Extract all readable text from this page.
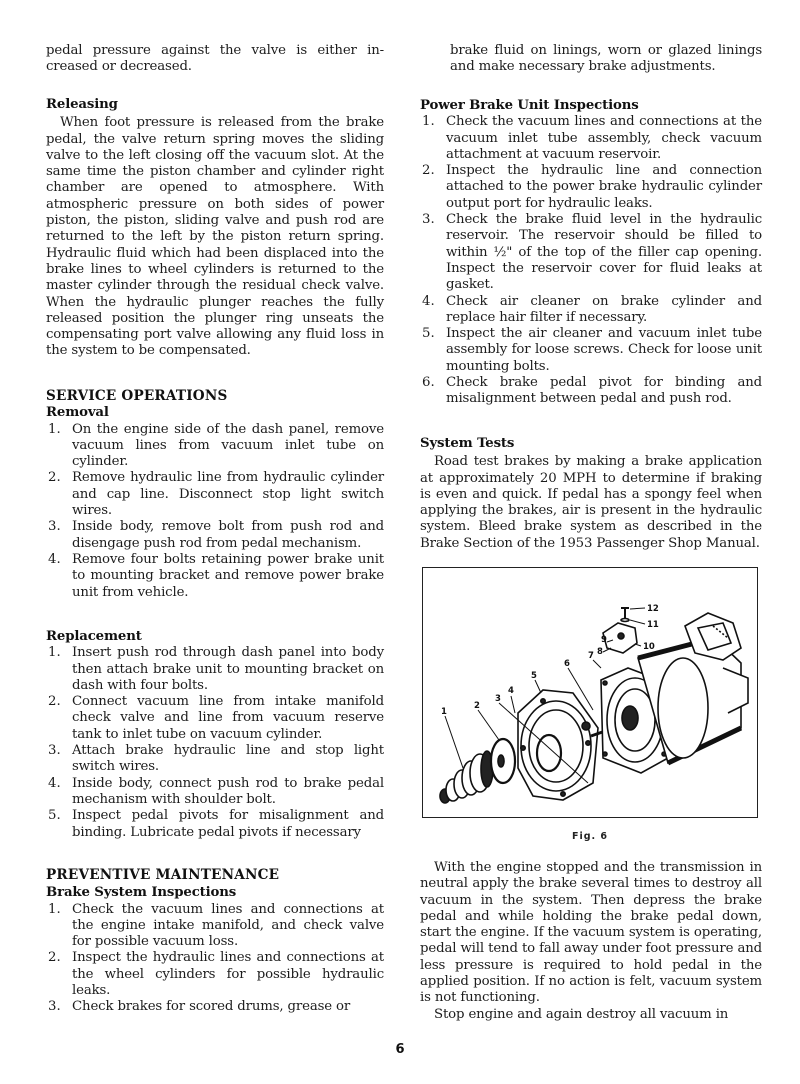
pedal pressure against the valve is either in-creased or decreased.

Releasing

When foot pressure is released from the brake pedal, the valve return spring moves the sliding valve to the left closing off the vacuum slot. At the same time the piston chamber and cylinder right chamber are opened to atmosphere. With atmospheric pressure on both sides of power piston, the piston, sliding valve and push rod are returned to the left by the piston return spring. Hydraulic fluid which had been displaced into the brake lines to wheel cylinders is returned to the master cylinder through the residual check valve. When the hydraulic plunger reaches the fully released position the plunger ring unseats the compensating port valve allowing any fluid loss in the system to be compensated.

SERVICE OPERATIONS

Removal

1. On the engine side of the dash panel, remove vacuum lines from vacuum inlet tube on cylinder.
2. Remove hydraulic line from hydraulic cylinder and cap line. Disconnect stop light switch wires.
3. Inside body, remove bolt from push rod and disengage push rod from pedal mechanism.
4. Remove four bolts retaining power brake unit to mounting bracket and remove power brake unit from vehicle.

Replacement

1. Insert push rod through dash panel into body then attach brake unit to mounting bracket on dash with four bolts.
2. Connect vacuum line from intake manifold check valve and line from vacuum reserve tank to inlet tube on vacuum cylinder.
3. Attach brake hydraulic line and stop light switch wires.
4. Inside body, connect push rod to brake pedal mechanism with shoulder bolt.
5. Inspect pedal pivots for misalignment and binding. Lubricate pedal pivots if necessary

PREVENTIVE MAINTENANCE

Brake System Inspections

1. Check the vacuum lines and connections at the engine intake manifold, and check valve for possible vacuum loss.
2. Inspect the hydraulic lines and connections at the wheel cylinders for possible hydraulic leaks.
3. Check brakes for scored drums, grease or

brake fluid on linings, worn or glazed linings and make necessary brake adjustments.

Power Brake Unit Inspections

1. Check the vacuum lines and connections at the vacuum inlet tube assembly, check vacuum attachment at vacuum reservoir.
2. Inspect the hydraulic line and connection attached to the power brake hydraulic cylinder output port for hydraulic leaks.
3. Check the brake fluid level in the hydraulic reservoir. The reservoir should be filled to within ½" of the top of the filler cap opening. Inspect the reservoir cover for fluid leaks at gasket.
4. Check air cleaner on brake cylinder and replace hair filter if necessary.
5. Inspect the air cleaner and vacuum inlet tube assembly for loose screws. Check for loose unit mounting bolts.
6. Check brake pedal pivot for binding and misalignment between pedal and push rod.

System Tests

Road test brakes by making a brake application at approximately 20 MPH to determine if braking is even and quick. If pedal has a spongy feel when applying the brakes, air is present in the hydraulic system. Bleed brake system as described in the Brake Section of the 1953 Passenger Shop Manual.

1
2
3
4
5
6
7 8
9
10
11
12
Fig. 6

With the engine stopped and the transmission in neutral apply the brake several times to destroy all vacuum in the system. Then depress the brake pedal and while holding the brake pedal down, start the engine. If the vacuum system is operating, pedal will tend to fall away under foot pressure and less pressure is required to hold pedal in the applied position. If no action is felt, vacuum system is not functioning.

Stop engine and again destroy all vacuum in

6
